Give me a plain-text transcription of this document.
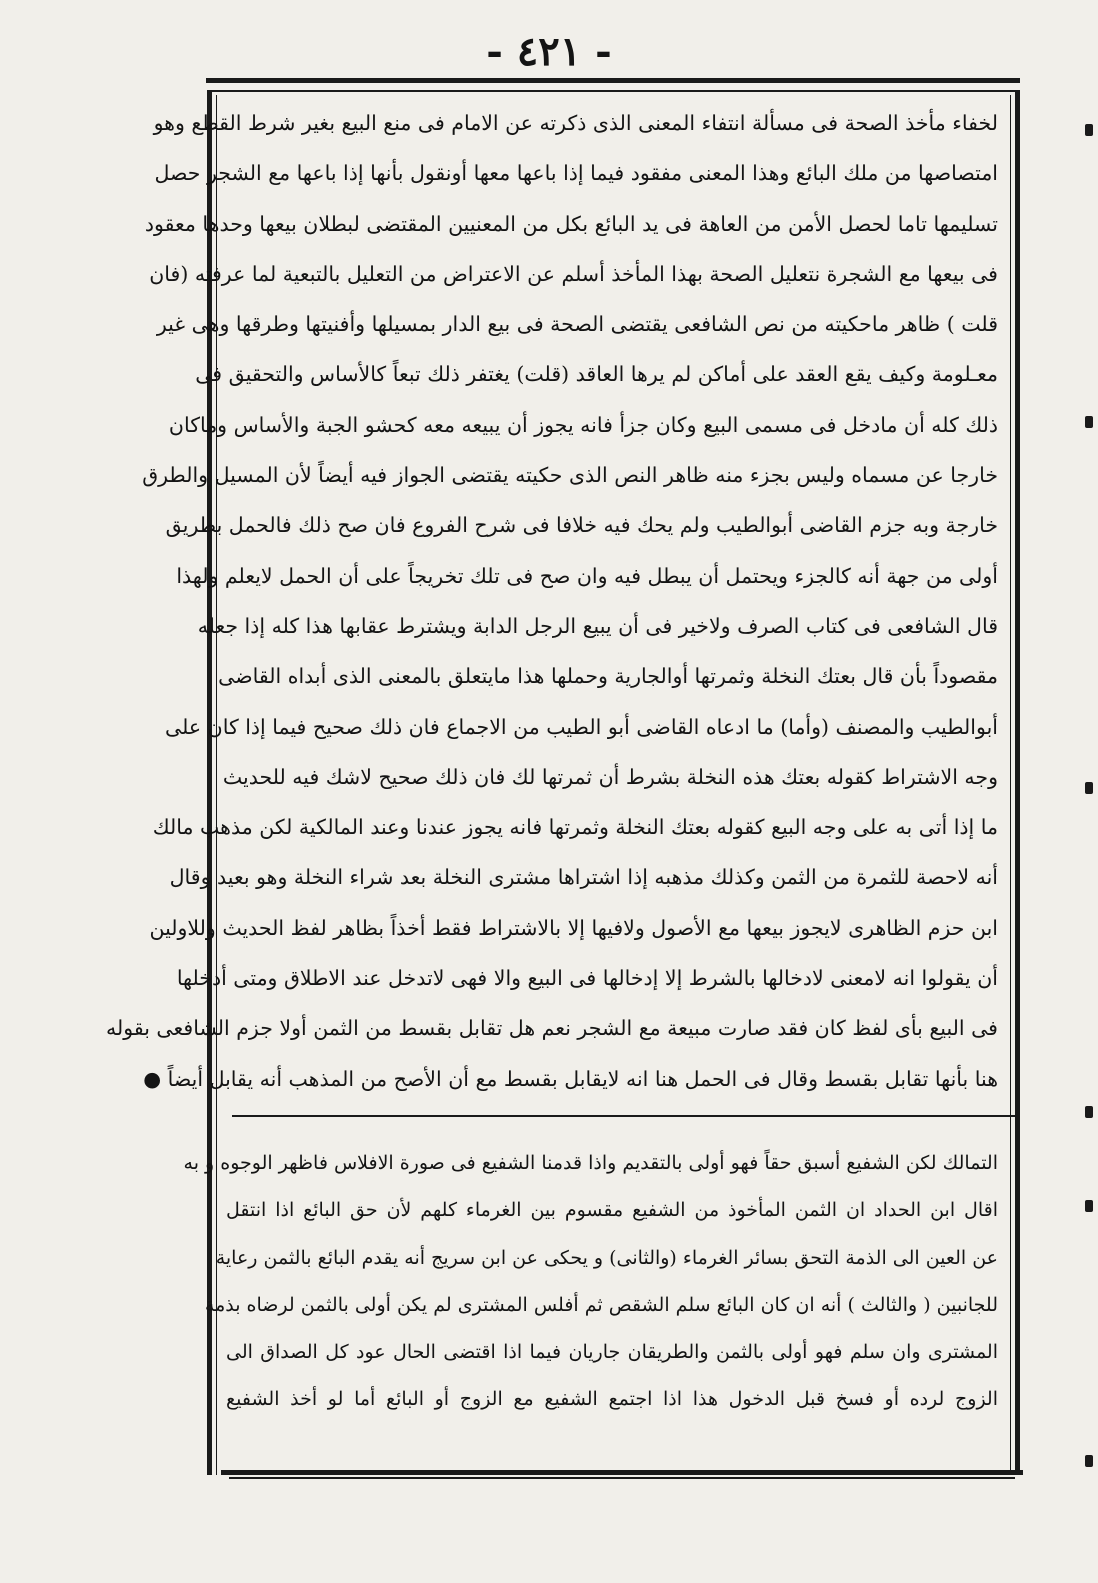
- ٤٢١ -
لخفاء مأخذ الصحة فى مسألة انتفاء المعنى الذى ذكرته عن الامام فى منع البيع بغير شرط القطع وهو
امتصاصها من ملك البائع وهذا المعنى مفقود فيما إذا باعها معها أونقول بأنها إذا باعها مع الشجر حصل
تسليمها تاما لحصل الأمن من العاهة فى يد البائع بكل من المعنيين المقتضى لبطلان بيعها وحدها معقود
فى بيعها مع الشجرة نتعليل الصحة بهذا المأخذ أسلم عن الاعتراض من التعليل بالتبعية لما عرفته (فان
قلت ) ظاهر ماحكيته من نص الشافعى يقتضى الصحة فى بيع الدار بمسيلها وأفنيتها وطرقها وهى غير
معـلومة وكيف يقع العقد على أماكن لم يرها العاقد (قلت) يغتفر ذلك تبعاً كالأساس والتحقيق فى
ذلك كله أن مادخل فى مسمى البيع وكان جزأ فانه يجوز أن يبيعه معه كحشو الجبة والأساس وماكان
خارجا عن مسماه وليس بجزء منه ظاهر النص الذى حكيته يقتضى الجواز فيه أيضاً لأن المسيل والطرق
خارجة وبه جزم القاضى أبوالطيب ولم يحك فيه خلافا فى شرح الفروع فان صح ذلك فالحمل بطريق
أولى من جهة أنه كالجزء ويحتمل أن يبطل فيه وان صح فى تلك تخريجاً على أن الحمل لايعلم ولهذا
قال الشافعى فى كتاب الصرف ولاخير فى أن يبيع الرجل الدابة ويشترط عقابها هذا كله إذا جعله
مقصوداً بأن قال بعتك النخلة وثمرتها أوالجارية وحملها هذا مايتعلق بالمعنى الذى أبداه القاضى
أبوالطيب والمصنف (وأما) ما ادعاه القاضى أبو الطيب من الاجماع فان ذلك صحيح فيما إذا كان على
وجه الاشتراط كقوله بعتك هذه النخلة بشرط أن ثمرتها لك فان ذلك صحيح لاشك فيه للحديث
ما إذا أتى به على وجه البيع كقوله بعتك النخلة وثمرتها فانه يجوز عندنا وعند المالكية لكن مذهب مالك
أنه لاحصة للثمرة من الثمن وكذلك مذهبه إذا اشتراها مشترى النخلة بعد شراء النخلة وهو بعيد وقال
ابن حزم الظاهرى لايجوز بيعها مع الأصول ولافيها إلا بالاشتراط فقط أخذاً بظاهر لفظ الحديث وللاولين
أن يقولوا انه لامعنى لادخالها بالشرط إلا إدخالها فى البيع والا فهى لاتدخل عند الاطلاق ومتى أدخلها
فى البيع بأى لفظ كان فقد صارت مبيعة مع الشجر نعم هل تقابل بقسط من الثمن أولا جزم الشافعى بقوله
هنا بأنها تقابل بقسط وقال فى الحمل هنا انه لايقابل بقسط مع أن الأصح من المذهب أنه يقابل أيضاً ●
التمالك لكن الشفيع أسبق حقاً فهو أولى بالتقديم واذا قدمنا الشفيع فى صورة الافلاس فاظهر الوجوه و به
اقال ابن الحداد ان الثمن المأخوذ من الشفيع مقسوم بين الغرماء كلهم لأن حق البائع اذا انتقل
عن العين الى الذمة التحق بسائر الغرماء (والثانى) و يحكى عن ابن سريج أنه يقدم البائع بالثمن رعاية
للجانبين ( والثالث ) أنه ان كان البائع سلم الشقص ثم أفلس المشترى لم يكن أولى بالثمن لرضاه بذمة
المشترى وان سلم فهو أولى بالثمن والطريقان جاريان فيما اذا اقتضى الحال عود كل الصداق الى
الزوج لرده أو فسخ قبل الدخول هذا اذا اجتمع الشفيع مع الزوج أو البائع أما لو أخذ الشفيع
